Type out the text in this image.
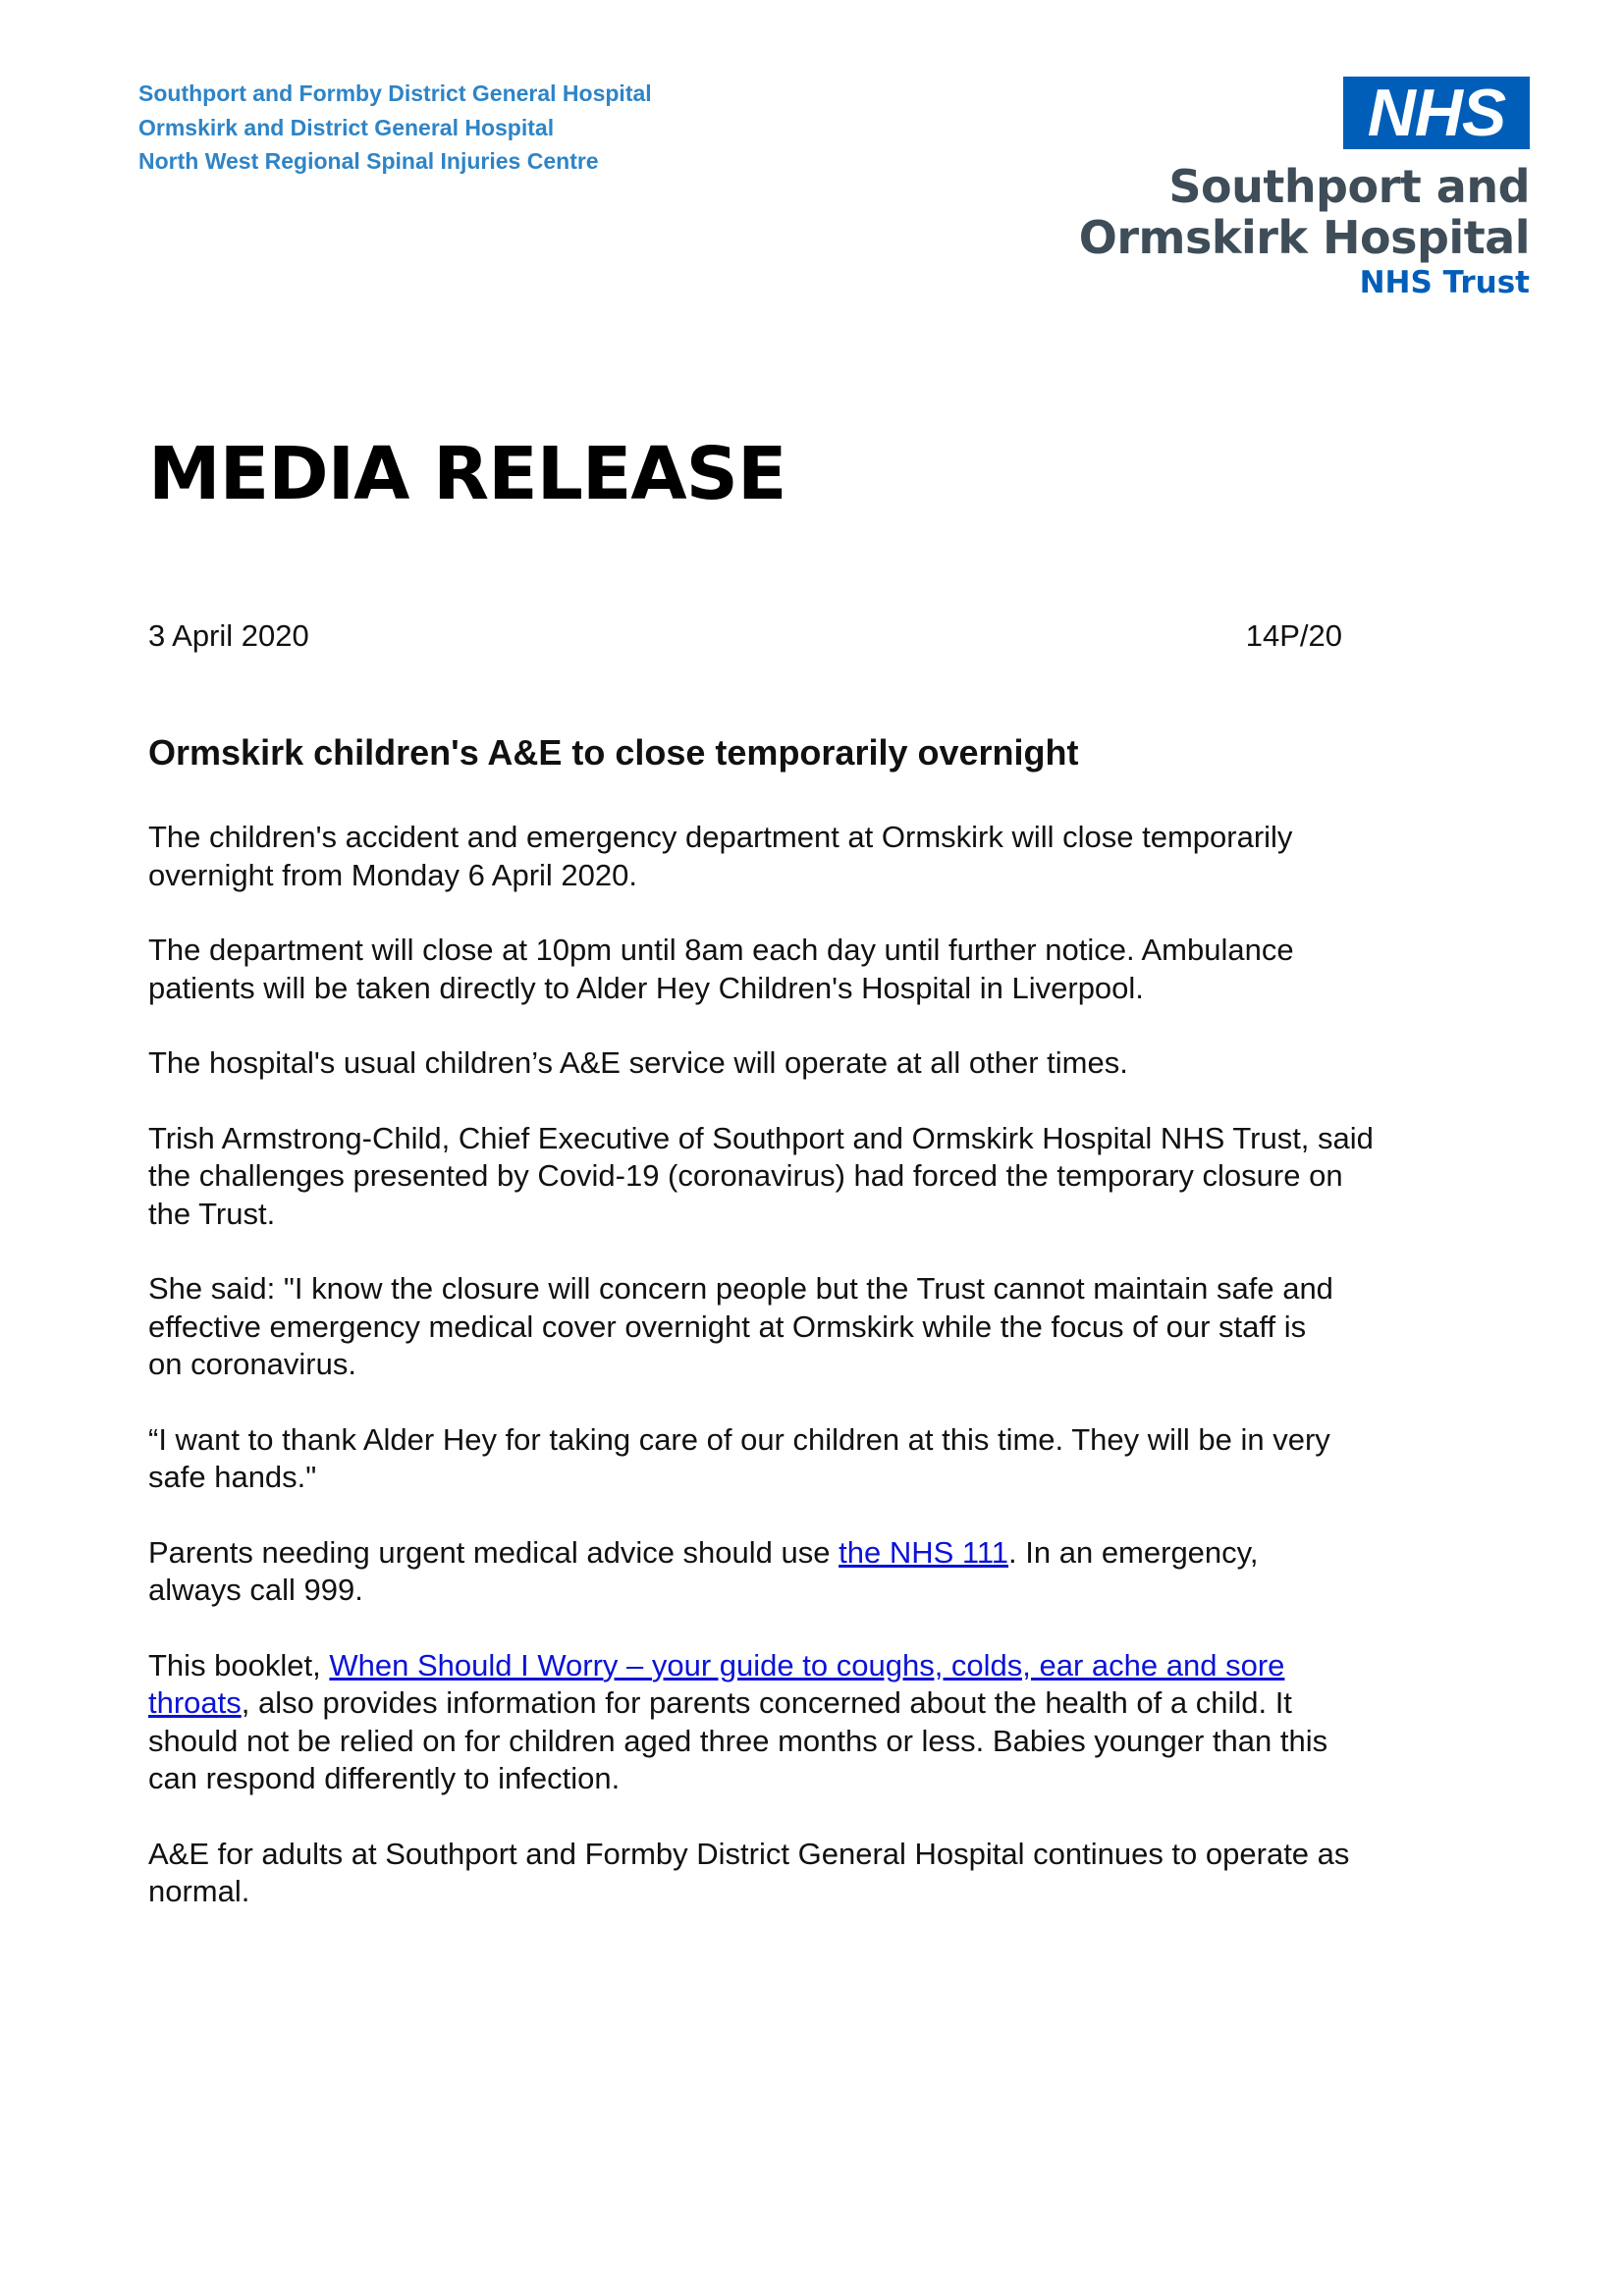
Southport and Formby District General Hospital
Ormskirk and District General Hospital
North West Regional Spinal Injuries Centre
NHS
Southport and
Ormskirk Hospital
NHS Trust
MEDIA RELEASE
3 April 2020	14P/20
Ormskirk children's A&E to close temporarily overnight

The children's accident and emergency department at Ormskirk will close temporarily
overnight from Monday 6 April 2020.

The department will close at 10pm until 8am each day until further notice. Ambulance
patients will be taken directly to Alder Hey Children's Hospital in Liverpool.

The hospital's usual children’s A&E service will operate at all other times.

Trish Armstrong-Child, Chief Executive of Southport and Ormskirk Hospital NHS Trust, said
the challenges presented by Covid-19 (coronavirus) had forced the temporary closure on
the Trust.

She said: "I know the closure will concern people but the Trust cannot maintain safe and
effective emergency medical cover overnight at Ormskirk while the focus of our staff is
on coronavirus.

“I want to thank Alder Hey for taking care of our children at this time. They will be in very
safe hands."

Parents needing urgent medical advice should use the NHS 111. In an emergency,
always call 999.

This booklet, When Should I Worry – your guide to coughs, colds, ear ache and sore
throats, also provides information for parents concerned about the health of a child. It
should not be relied on for children aged three months or less. Babies younger than this
can respond differently to infection.

A&E for adults at Southport and Formby District General Hospital continues to operate as
normal.
